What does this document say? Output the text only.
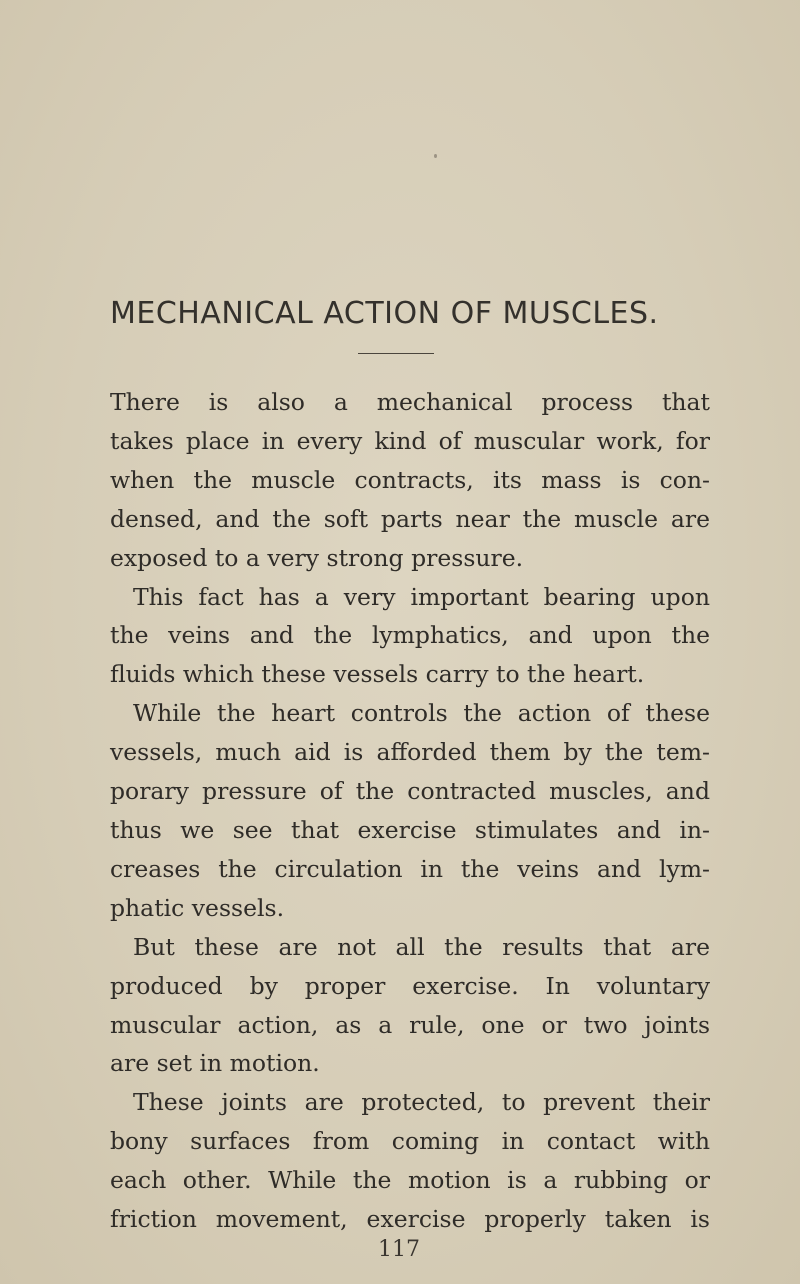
MECHANICAL ACTION OF MUSCLES.
There is also a mechanical process that
takes place in every kind of muscular work, for
when the muscle contracts, its mass is con-
densed, and the soft parts near the muscle are
exposed to a very strong pressure.
This fact has a very important bearing upon
the veins and the lymphatics, and upon the
fluids which these vessels carry to the heart.
While the heart controls the action of these
vessels, much aid is afforded them by the tem-
porary pressure of the contracted muscles, and
thus we see that exercise stimulates and in-
creases the circulation in the veins and lym-
phatic vessels.
But these are not all the results that are
produced by proper exercise. In voluntary
muscular action, as a rule, one or two joints
are set in motion.
These joints are protected, to prevent their
bony surfaces from coming in contact with
each other. While the motion is a rubbing or
friction movement, exercise properly taken is
117
